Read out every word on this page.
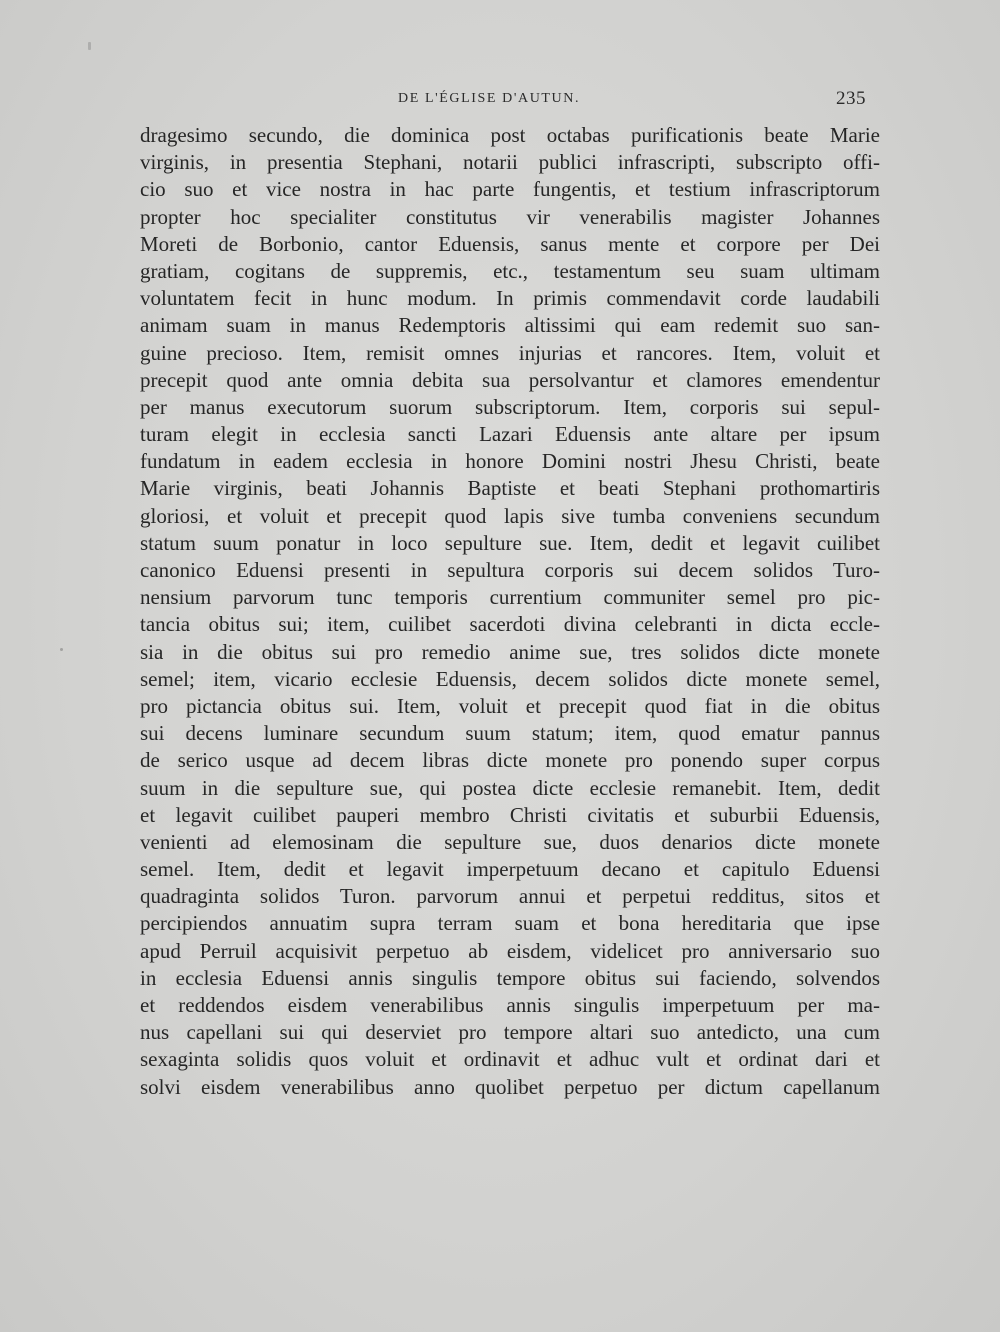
DE L'ÉGLISE D'AUTUN.	235
dragesimo secundo, die dominica post octabas purificationis beate Marie
virginis, in presentia Stephani, notarii publici infrascripti, subscripto offi-
cio suo et vice nostra in hac parte fungentis, et testium infrascriptorum
propter hoc specialiter constitutus vir venerabilis magister Johannes
Moreti de Borbonio, cantor Eduensis, sanus mente et corpore per Dei
gratiam, cogitans de suppremis, etc., testamentum seu suam ultimam
voluntatem fecit in hunc modum. In primis commendavit corde laudabili
animam suam in manus Redemptoris altissimi qui eam redemit suo san-
guine precioso. Item, remisit omnes injurias et rancores. Item, voluit et
precepit quod ante omnia debita sua persolvantur et clamores emendentur
per manus executorum suorum subscriptorum. Item, corporis sui sepul-
turam elegit in ecclesia sancti Lazari Eduensis ante altare per ipsum
fundatum in eadem ecclesia in honore Domini nostri Jhesu Christi, beate
Marie virginis, beati Johannis Baptiste et beati Stephani prothomartiris
gloriosi, et voluit et precepit quod lapis sive tumba conveniens secundum
statum suum ponatur in loco sepulture sue. Item, dedit et legavit cuilibet
canonico Eduensi presenti in sepultura corporis sui decem solidos Turo-
nensium parvorum tunc temporis currentium communiter semel pro pic-
tancia obitus sui; item, cuilibet sacerdoti divina celebranti in dicta eccle-
sia in die obitus sui pro remedio anime sue, tres solidos dicte monete
semel; item, vicario ecclesie Eduensis, decem solidos dicte monete semel,
pro pictancia obitus sui. Item, voluit et precepit quod fiat in die obitus
sui decens luminare secundum suum statum; item, quod ematur pannus
de serico usque ad decem libras dicte monete pro ponendo super corpus
suum in die sepulture sue, qui postea dicte ecclesie remanebit. Item, dedit
et legavit cuilibet pauperi membro Christi civitatis et suburbii Eduensis,
venienti ad elemosinam die sepulture sue, duos denarios dicte monete
semel. Item, dedit et legavit imperpetuum decano et capitulo Eduensi
quadraginta solidos Turon. parvorum annui et perpetui redditus, sitos et
percipiendos annuatim supra terram suam et bona hereditaria que ipse
apud Perruil acquisivit perpetuo ab eisdem, videlicet pro anniversario suo
in ecclesia Eduensi annis singulis tempore obitus sui faciendo, solvendos
et reddendos eisdem venerabilibus annis singulis imperpetuum per ma-
nus capellani sui qui deserviet pro tempore altari suo antedicto, una cum
sexaginta solidis quos voluit et ordinavit et adhuc vult et ordinat dari et
solvi eisdem venerabilibus anno quolibet perpetuo per dictum capellanum
